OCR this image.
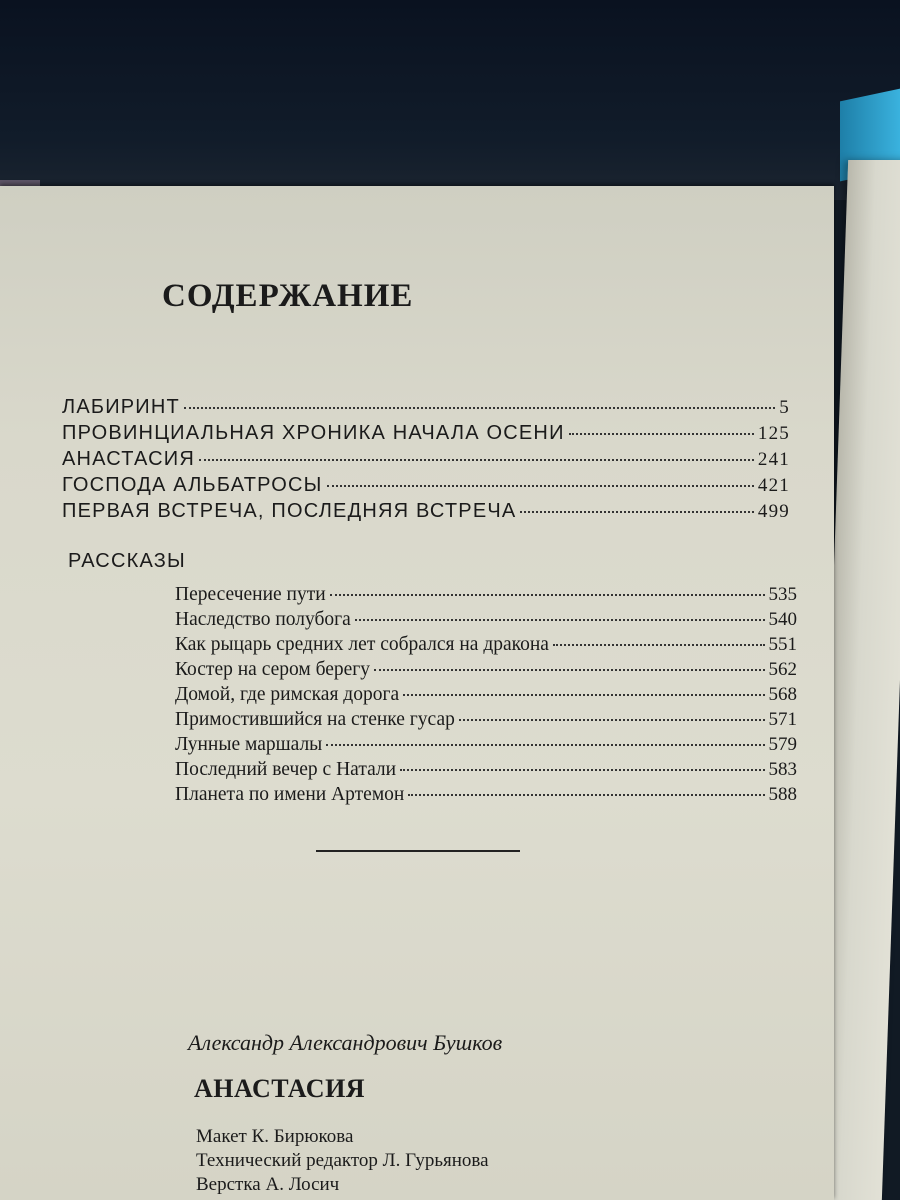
СОДЕРЖАНИЕ
ЛАБИРИНТ	5
ПРОВИНЦИАЛЬНАЯ ХРОНИКА НАЧАЛА ОСЕНИ	125
АНАСТАСИЯ	241
ГОСПОДА АЛЬБАТРОСЫ	421
ПЕРВАЯ ВСТРЕЧА, ПОСЛЕДНЯЯ ВСТРЕЧА	499
РАССКАЗЫ
Пересечение пути	535
Наследство полубога	540
Как рыцарь средних лет собрался на дракона	551
Костер на сером берегу	562
Домой, где римская дорога	568
Примостившийся на стенке гусар	571
Лунные маршалы	579
Последний вечер с Натали	583
Планета по имени Артемон	588

Александр Александрович Бушков

АНАСТАСИЯ
Макет К. Бирюкова
Технический редактор Л. Гурьянова
Верстка А. Лосич
